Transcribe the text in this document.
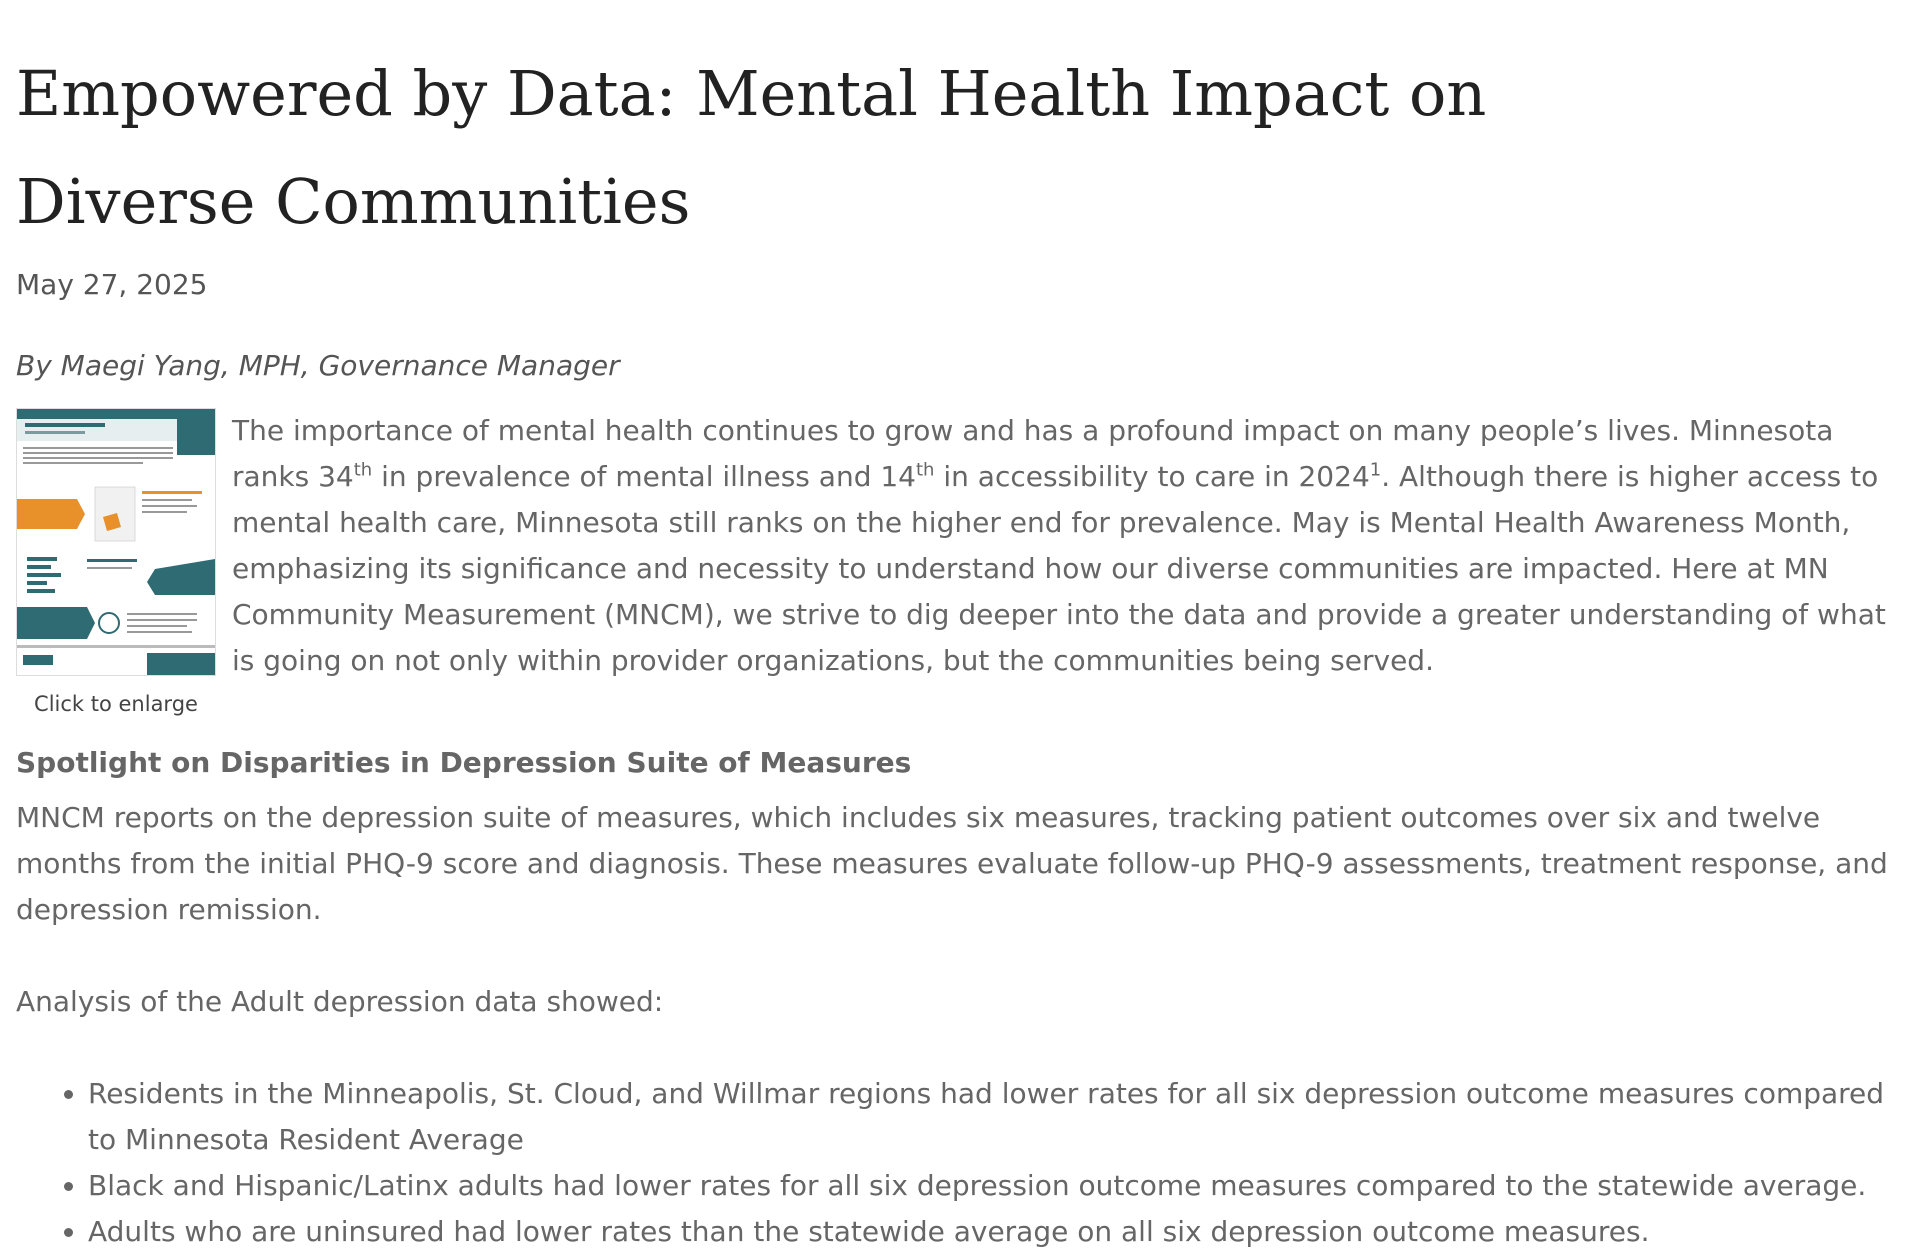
Empowered by Data: Mental Health Impact on Diverse Communities
May 27, 2025
By Maegi Yang, MPH, Governance Manager
Click to enlarge

The importance of mental health continues to grow and has a profound impact on many people’s lives. Minnesota ranks 34th in prevalence of mental illness and 14th in accessibility to care in 2024$^1$. Although there is higher access to mental health care, Minnesota still ranks on the higher end for prevalence. May is Mental Health Awareness Month, emphasizing its significance and necessity to understand how our diverse communities are impacted. Here at MN Community Measurement (MNCM), we strive to dig deeper into the data and provide a greater understanding of what is going on not only within provider organizations, but the communities being served.

Spotlight on Disparities in Depression Suite of Measures

MNCM reports on the depression suite of measures, which includes six measures, tracking patient outcomes over six and twelve months from the initial PHQ-9 score and diagnosis. These measures evaluate follow-up PHQ-9 assessments, treatment response, and depression remission.

Analysis of the Adult depression data showed:

• Residents in the Minneapolis, St. Cloud, and Willmar regions had lower rates for all six depression outcome measures compared to Minnesota Resident Average
• Black and Hispanic/Latinx adults had lower rates for all six depression outcome measures compared to the statewide average.
• Adults who are uninsured had lower rates than the statewide average on all six depression outcome measures.
